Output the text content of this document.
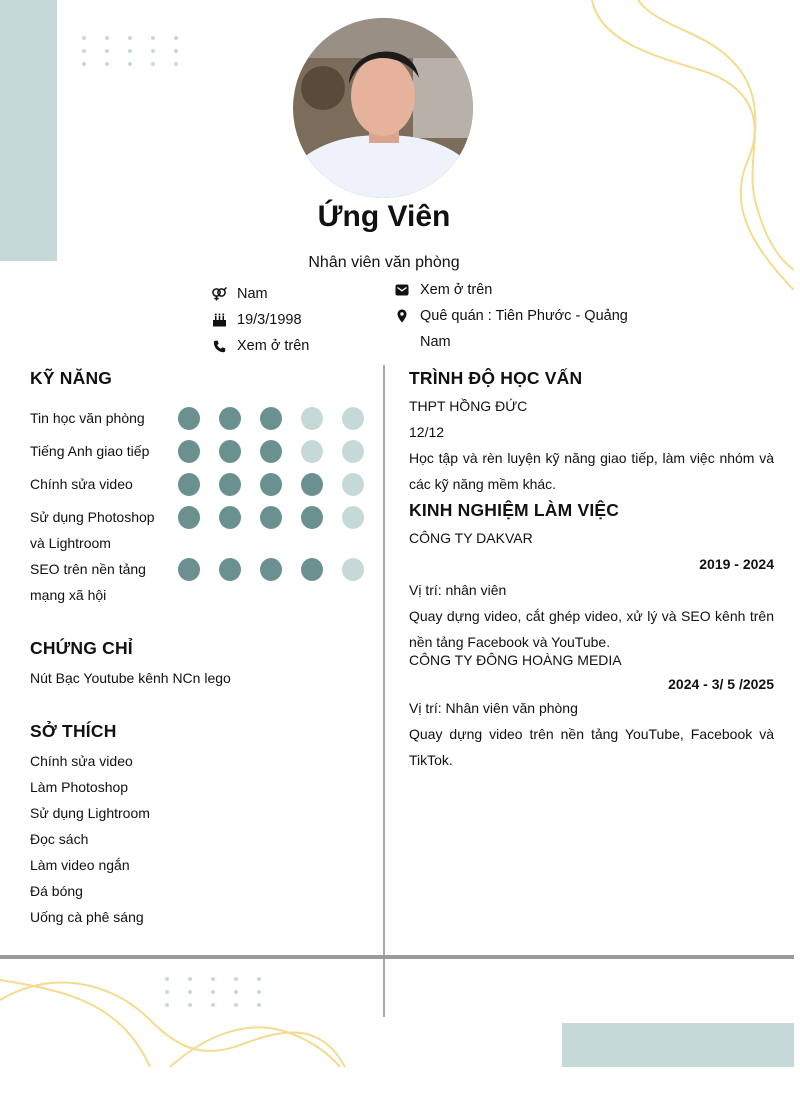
Ứng Viên
Nhân viên văn phòng
Nam
19/3/1998
Xem ở trên
Xem ở trên
Quê quán : Tiên Phước - Quảng Nam
KỸ NĂNG
Tin học văn phòng
Tiếng Anh giao tiếp
Chính sửa video
Sử dụng Photoshop và Lightroom
SEO trên nền tảng mạng xã hội
CHỨNG CHỈ
Nút Bạc Youtube kênh NCn lego
SỞ THÍCH
Chính sửa video
Làm Photoshop
Sử dụng Lightroom
Đọc sách
Làm video ngắn
Đá bóng
Uống cà phê sáng
TRÌNH ĐỘ HỌC VẤN
THPT HỒNG ĐỨC
12/12
Học tập và rèn luyện kỹ năng giao tiếp, làm việc nhóm và các kỹ năng mềm khác.
KINH NGHIỆM LÀM VIỆC
CÔNG TY DAKVAR
2019 - 2024
Vị trí: nhân viên
Quay dựng video, cắt ghép video, xử lý và SEO kênh trên nền tảng Facebook và YouTube.
CÔNG TY ĐÔNG HOÀNG MEDIA
2024 - 3/ 5 /2025
Vị trí: Nhân viên văn phòng
Quay dựng video trên nền tảng YouTube, Facebook và TikTok.
